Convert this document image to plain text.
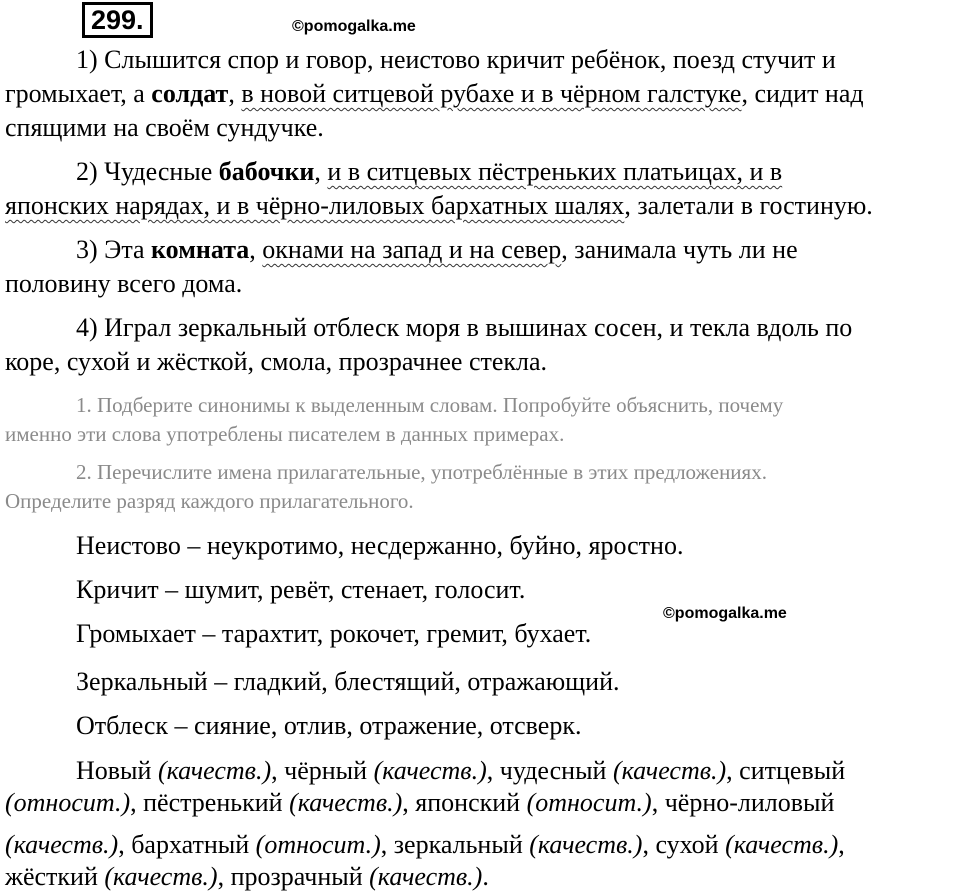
299.	©pomogalka.me
1) Слышится спор и говор, неистово кричит ребёнок, поезд стучит и
громыхает, а солдат, в новой ситцевой рубахе и в чёрном галстуке, сидит над
спящими на своём сундучке.
2) Чудесные бабочки, и в ситцевых пёстреньких платьицах, и в
японских нарядах, и в чёрно-лиловых бархатных шалях, залетали в гостиную.
3) Эта комната, окнами на запад и на север, занимала чуть ли не
половину всего дома.
4) Играл зеркальный отблеск моря в вышинах сосен, и текла вдоль по
коре, сухой и жёсткой, смола, прозрачнее стекла.
1. Подберите синонимы к выделенным словам. Попробуйте объяснить, почему
именно эти слова употреблены писателем в данных примерах.
2. Перечислите имена прилагательные, употреблённые в этих предложениях.
Определите разряд каждого прилагательного.
Неистово – неукротимо, несдержанно, буйно, яростно.
Кричит – шумит, ревёт, стенает, голосит.
©pomogalka.me
Громыхает – тарахтит, рокочет, гремит, бухает.
Зеркальный – гладкий, блестящий, отражающий.
Отблеск – сияние, отлив, отражение, отсверк.
Новый (качеств.), чёрный (качеств.), чудесный (качеств.), ситцевый
(относит.), пёстренький (качеств.), японский (относит.), чёрно-лиловый
(качеств.), бархатный (относит.), зеркальный (качеств.), сухой (качеств.),
жёсткий (качеств.), прозрачный (качеств.).
